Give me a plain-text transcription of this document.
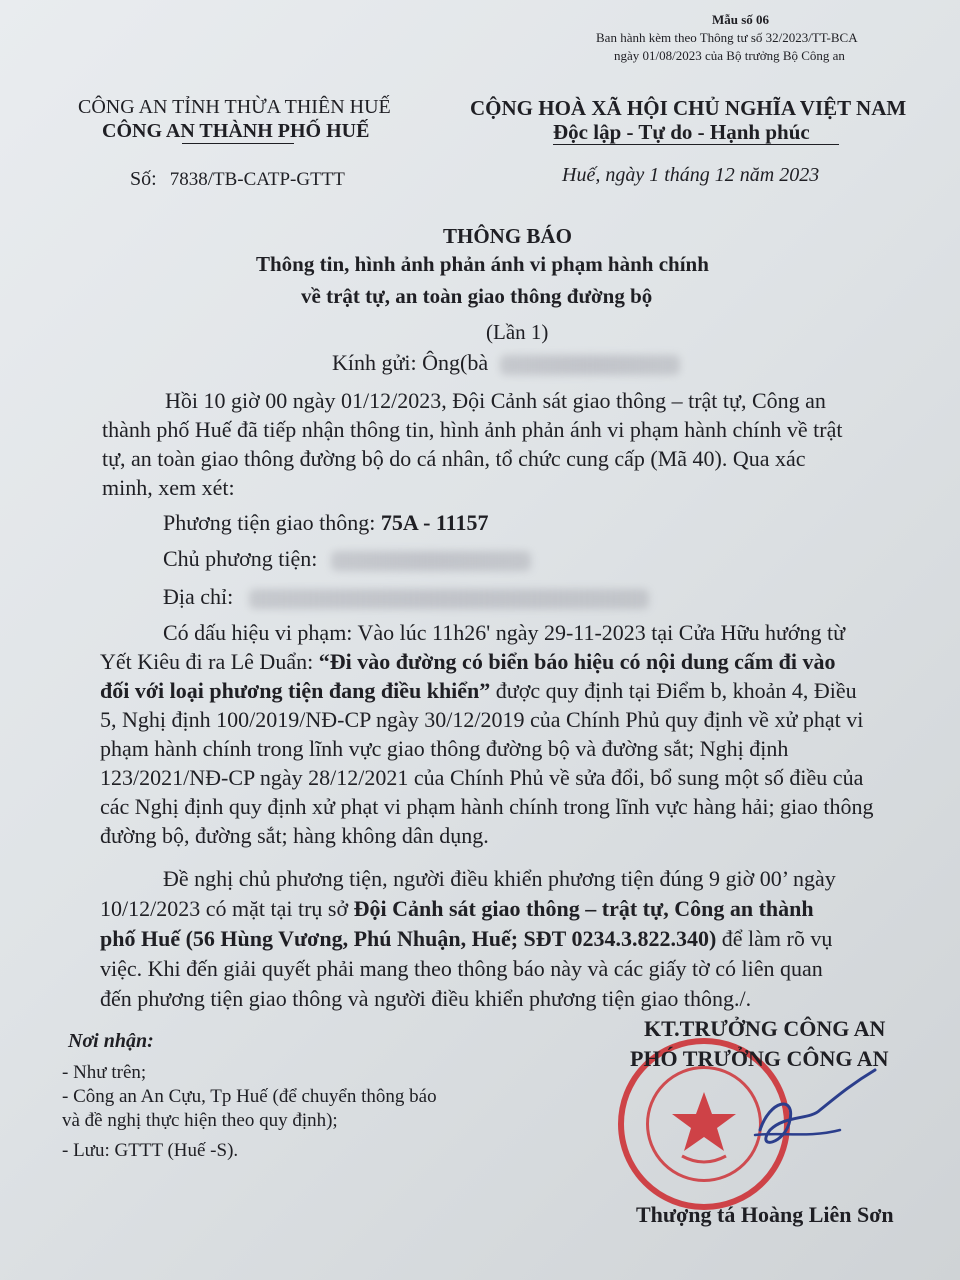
Mẫu số 06
Ban hành kèm theo Thông tư số 32/2023/TT-BCA
ngày 01/08/2023 của Bộ trưởng Bộ Công an
CÔNG AN TỈNH THỪA THIÊN HUẾ
CÔNG AN THÀNH PHỐ HUẾ
Số: 7838/TB-CATP-GTTT
CỘNG HOÀ XÃ HỘI CHỦ NGHĨA VIỆT NAM
Độc lập - Tự do - Hạnh phúc
Huế, ngày 1 tháng 12 năm 2023
THÔNG BÁO
Thông tin, hình ảnh phản ánh vi phạm hành chính
về trật tự, an toàn giao thông đường bộ
(Lần 1)
Kính gửi: Ông(bà
Hồi 10 giờ 00 ngày 01/12/2023, Đội Cảnh sát giao thông – trật tự, Công an
thành phố Huế đã tiếp nhận thông tin, hình ảnh phản ánh vi phạm hành chính về trật
tự, an toàn giao thông đường bộ do cá nhân, tổ chức cung cấp (Mã 40). Qua xác
minh, xem xét:
Phương tiện giao thông: 75A - 11157
Chủ phương tiện:
Địa chỉ:
Có dấu hiệu vi phạm: Vào lúc 11h26' ngày 29-11-2023 tại Cửa Hữu hướng từ
Yết Kiêu đi ra Lê Duẩn: “Đi vào đường có biển báo hiệu có nội dung cấm đi vào
đối với loại phương tiện đang điều khiển” được quy định tại Điểm b, khoản 4, Điều
5, Nghị định 100/2019/NĐ-CP ngày 30/12/2019 của Chính Phủ quy định về xử phạt vi
phạm hành chính trong lĩnh vực giao thông đường bộ và đường sắt; Nghị định
123/2021/NĐ-CP ngày 28/12/2021 của Chính Phủ về sửa đổi, bổ sung một số điều của
các Nghị định quy định xử phạt vi phạm hành chính trong lĩnh vực hàng hải; giao thông
đường bộ, đường sắt; hàng không dân dụng.
Đề nghị chủ phương tiện, người điều khiển phương tiện đúng 9 giờ 00’ ngày
10/12/2023 có mặt tại trụ sở Đội Cảnh sát giao thông – trật tự, Công an thành
phố Huế (56 Hùng Vương, Phú Nhuận, Huế; SĐT 0234.3.822.340) để làm rõ vụ
việc. Khi đến giải quyết phải mang theo thông báo này và các giấy tờ có liên quan
đến phương tiện giao thông và người điều khiển phương tiện giao thông./.
Nơi nhận:
- Như trên;
- Công an An Cựu, Tp Huế (để chuyển thông báo
và đề nghị thực hiện theo quy định);
- Lưu: GTTT (Huế -S).
KT.TRƯỞNG CÔNG AN
PHÓ TRƯỞNG CÔNG AN
Thượng tá Hoàng Liên Sơn
